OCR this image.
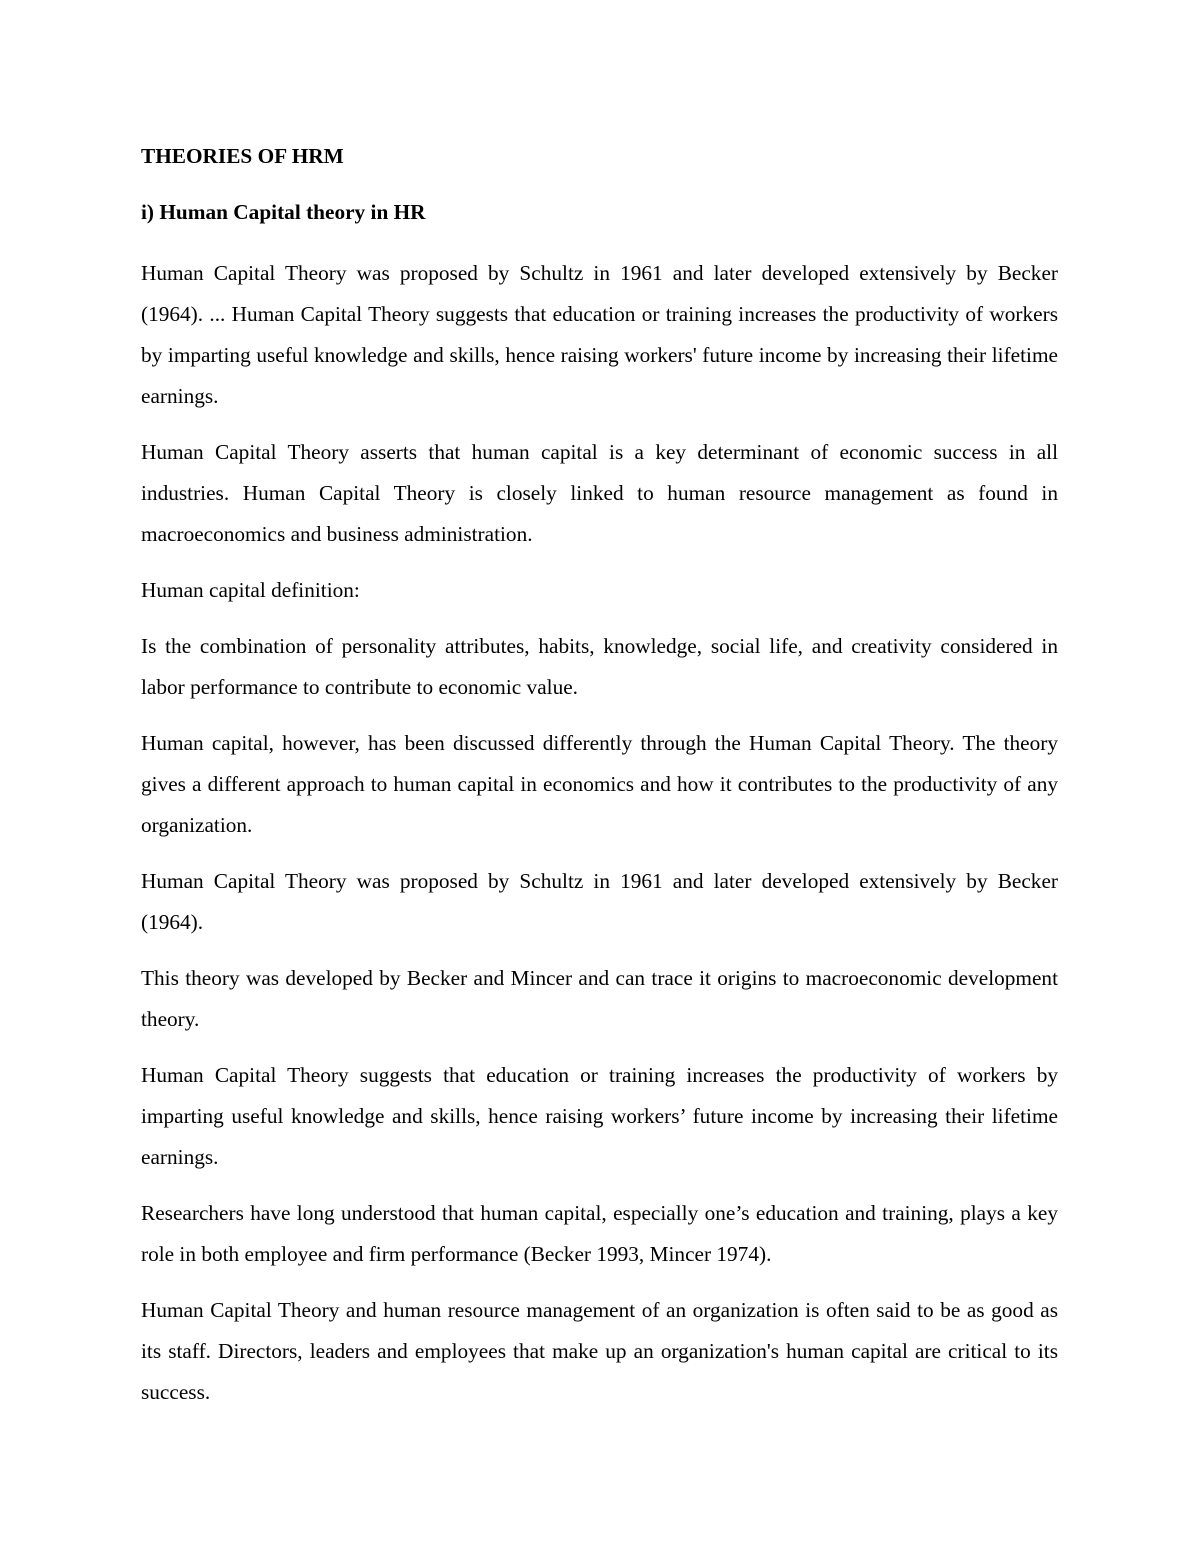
THEORIES OF HRM
i) Human Capital theory in HR

Human Capital Theory was proposed by Schultz in 1961 and later developed extensively by Becker (1964). ... Human Capital Theory suggests that education or training increases the productivity of workers by imparting useful knowledge and skills, hence raising workers' future income by increasing their lifetime earnings.

Human Capital Theory asserts that human capital is a key determinant of economic success in all industries. Human Capital Theory is closely linked to human resource management as found in macroeconomics and business administration.

Human capital definition:

Is the combination of personality attributes, habits, knowledge, social life, and creativity considered in labor performance to contribute to economic value.

Human capital, however, has been discussed differently through the Human Capital Theory. The theory gives a different approach to human capital in economics and how it contributes to the productivity of any organization.

Human Capital Theory was proposed by Schultz in 1961 and later developed extensively by Becker (1964).

This theory was developed by Becker and Mincer and can trace it origins to macroeconomic development theory.

Human Capital Theory suggests that education or training increases the productivity of workers by imparting useful knowledge and skills, hence raising workers’ future income by increasing their lifetime earnings.

Researchers have long understood that human capital, especially one’s education and training, plays a key role in both employee and firm performance (Becker 1993, Mincer 1974).

Human Capital Theory and human resource management of an organization is often said to be as good as its staff. Directors, leaders and employees that make up an organization's human capital are critical to its success.
